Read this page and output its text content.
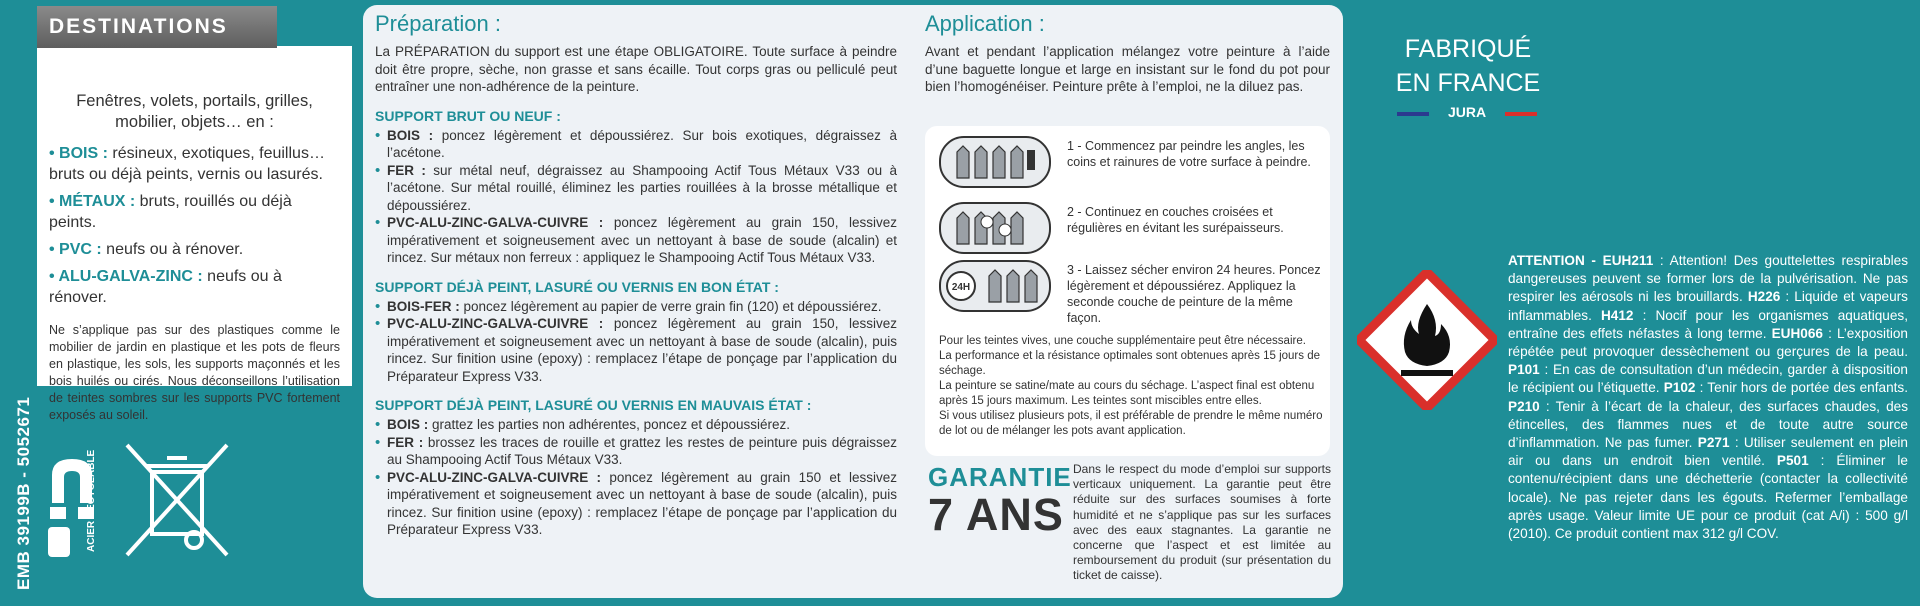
Fenêtres, volets, portails, grilles, mobilier, objets… en :
• BOIS : résineux, exotiques, feuillus… bruts ou déjà peints, vernis ou lasurés.
• MÉTAUX : bruts, rouillés ou déjà peints.
• PVC : neufs ou à rénover.
• ALU-GALVA-ZINC : neufs ou à rénover.
Ne s’applique pas sur des plastiques comme le mobilier de jardin en plastique et les pots de fleurs en plastique, les sols, les supports maçonnés et les bois huilés ou cirés. Nous déconseillons l’utilisation de teintes sombres sur les supports PVC fortement exposés au soleil.
DESTINATIONS
EMB 39199B - 5052671	ACIER RECYCLABLE
Préparation :
La PRÉPARATION du support est une étape OBLIGATOIRE. Toute surface à peindre doit être propre, sèche, non grasse et sans écaille. Tout corps gras ou pelliculé peut entraîner une non-adhérence de la peinture.
SUPPORT BRUT OU NEUF :
• BOIS : poncez légèrement et dépoussiérez. Sur bois exotiques, dégraissez à l’acétone.
• FER : sur métal neuf, dégraissez au Shampooing Actif Tous Métaux V33 ou à l’acétone. Sur métal rouillé, éliminez les parties rouillées à la brosse métallique et dépoussiérez.
• PVC-ALU-ZINC-GALVA-CUIVRE : poncez légèrement au grain 150, lessivez impérativement et soigneusement avec un nettoyant à base de soude (alcalin) et rincez. Sur métaux non ferreux : appliquez le Shampooing Actif Tous Métaux V33.
SUPPORT DÉJÀ PEINT, LASURÉ OU VERNIS EN BON ÉTAT :
• BOIS-FER : poncez légèrement au papier de verre grain fin (120) et dépoussiérez.
• PVC-ALU-ZINC-GALVA-CUIVRE : poncez légèrement au grain 150, lessivez impérativement et soigneusement avec un nettoyant à base de soude (alcalin), puis rincez. Sur finition usine (epoxy) : remplacez l’étape de ponçage par l’application du Préparateur Express V33.
SUPPORT DÉJÀ PEINT, LASURÉ OU VERNIS EN MAUVAIS ÉTAT :
• BOIS : grattez les parties non adhérentes, poncez et dépoussiérez.
• FER : brossez les traces de rouille et grattez les restes de peinture puis dégraissez au Shampooing Actif Tous Métaux V33.
• PVC-ALU-ZINC-GALVA-CUIVRE : poncez légèrement au grain 150 et lessivez impérativement et soigneusement avec un nettoyant à base de soude (alcalin), puis rincez. Sur finition usine (epoxy) : remplacez l’étape de ponçage par l’application du Préparateur Express V33.
Application :
Avant et pendant l’application mélangez votre peinture à l’aide d’une baguette longue et large en insistant sur le fond du pot pour bien l’homogénéiser. Peinture prête à l’emploi, ne la diluez pas.
1 - Commencez par peindre les angles, les coins et rainures de votre surface à peindre.
2 - Continuez en couches croisées et régulières en évitant les surépaisseurs.
24H
3 - Laissez sécher environ 24 heures. Poncez légèrement et dépoussiérez. Appliquez la seconde couche de peinture de la même façon.
Pour les teintes vives, une couche supplémentaire peut être nécessaire.
La performance et la résistance optimales sont obtenues après 15 jours de séchage.
La peinture se satine/mate au cours du séchage. L’aspect final est obtenu après 15 jours maximum. Les teintes sont miscibles entre elles.
Si vous utilisez plusieurs pots, il est préférable de prendre le même numéro de lot ou de mélanger les pots avant application.
GARANTIE
7 ANS
Dans le respect du mode d’emploi sur supports verticaux uniquement. La garantie peut être réduite sur des surfaces soumises à forte humidité et ne s’applique pas sur les surfaces avec des eaux stagnantes. La garantie ne concerne que l’aspect et est limitée au remboursement du produit (sur présentation du ticket de caisse).
FABRIQUÉ
EN FRANCE
JURA
ATTENTION - EUH211 : Attention! Des gouttelettes respirables dangereuses peuvent se former lors de la pulvérisation. Ne pas respirer les aérosols ni les brouillards. H226 : Liquide et vapeurs inflammables. H412 : Nocif pour les organismes aquatiques, entraîne des effets néfastes à long terme. EUH066 : L’exposition répétée peut provoquer dessèchement ou gerçures de la peau. P101 : En cas de consultation d’un médecin, garder à disposition le récipient ou l’étiquette. P102 : Tenir hors de portée des enfants. P210 : Tenir à l’écart de la chaleur, des surfaces chaudes, des étincelles, des flammes nues et de toute autre source d’inflammation. Ne pas fumer. P271 : Utiliser seulement en plein air ou dans un endroit bien ventilé. P501 : Éliminer le contenu/récipient dans une déchetterie (contacter la collectivité locale). Ne pas rejeter dans les égouts. Refermer l’emballage après usage. Valeur limite UE pour ce produit (cat A/i) : 500 g/l (2010). Ce produit contient max 312 g/l COV.
